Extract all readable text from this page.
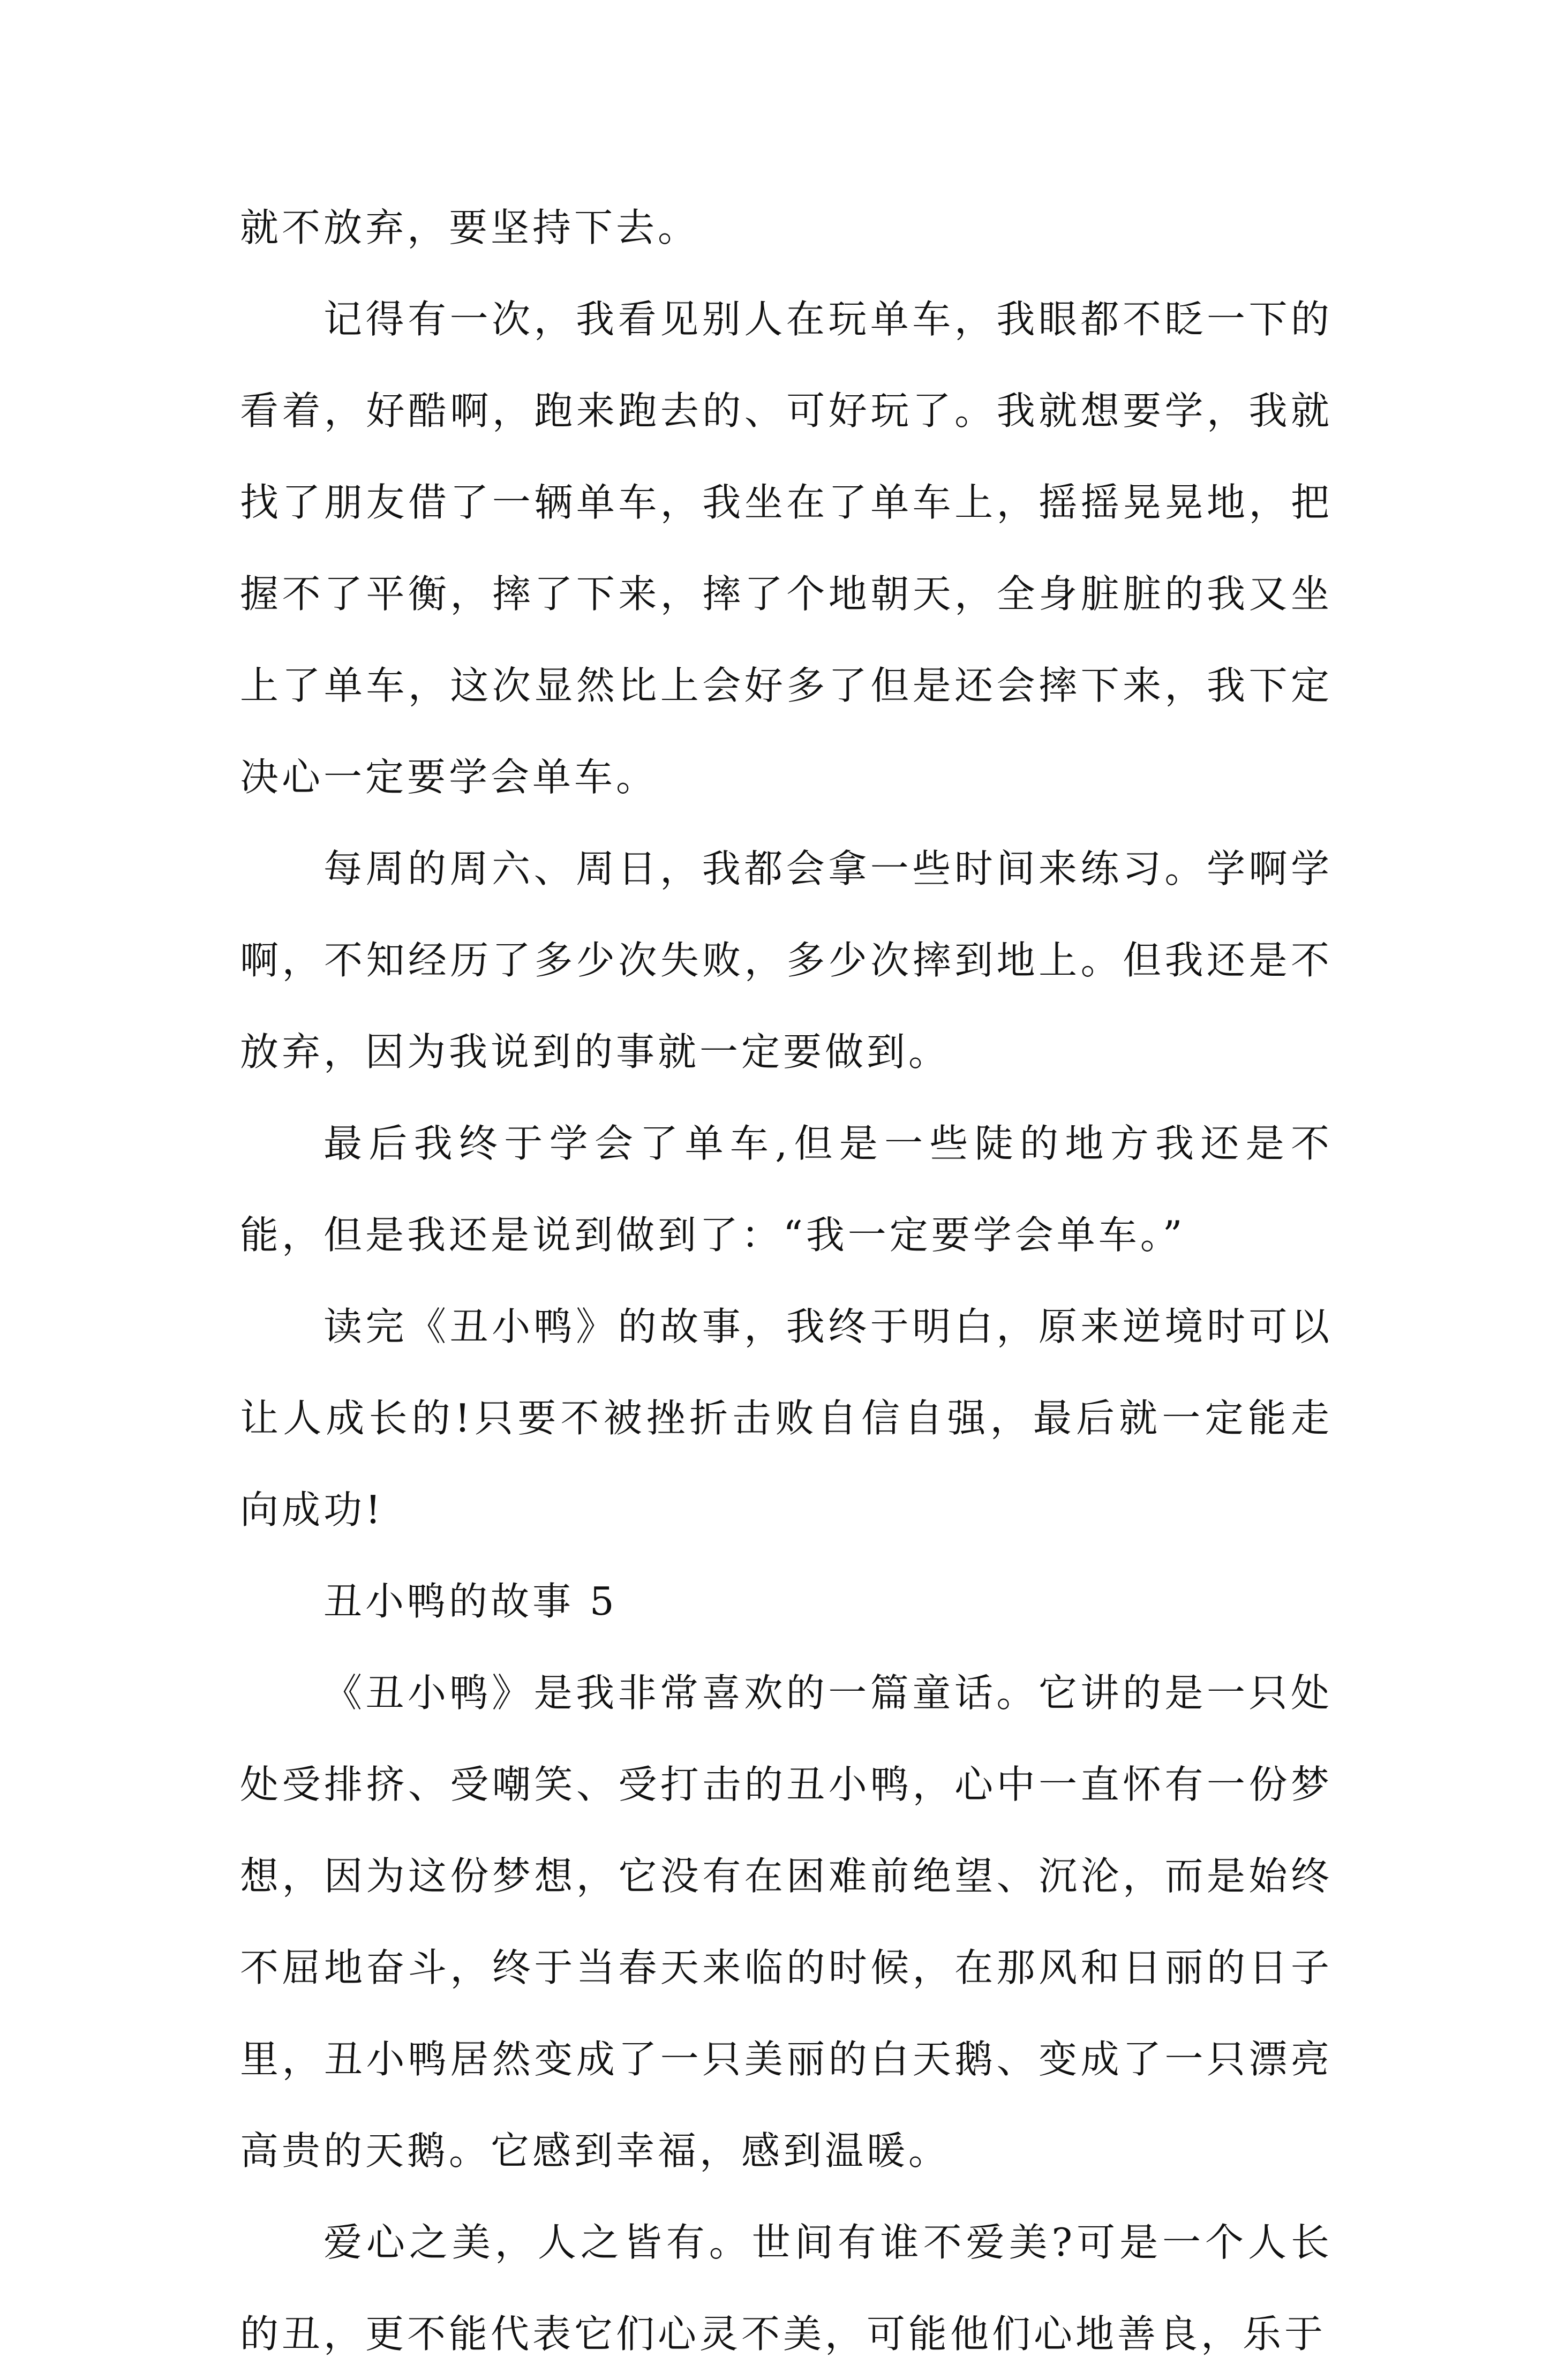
就不放弃，要坚持下去。

记得有一次，我看见别人在玩单车，我眼都不眨一下的看着，好酷啊，跑来跑去的、可好玩了。我就想要学，我就找了朋友借了一辆单车，我坐在了单车上，摇摇晃晃地，把握不了平衡，摔了下来，摔了个地朝天，全身脏脏的我又坐上了单车，这次显然比上会好多了但是还会摔下来，我下定决心一定要学会单车。

每周的周六、周日，我都会拿一些时间来练习。学啊学啊，不知经历了多少次失败，多少次摔到地上。但我还是不放弃，因为我说到的事就一定要做到。

最后我终于学会了单车,但是一些陡的地方我还是不能，但是我还是说到做到了：“我一定要学会单车。”

读完《丑小鸭》的故事，我终于明白，原来逆境时可以让人成长的!只要不被挫折击败自信自强，最后就一定能走向成功!

丑小鸭的故事 5

《丑小鸭》是我非常喜欢的一篇童话。它讲的是一只处处受排挤、受嘲笑、受打击的丑小鸭，心中一直怀有一份梦想，因为这份梦想，它没有在困难前绝望、沉沦，而是始终不屈地奋斗，终于当春天来临的时候，在那风和日丽的日子里，丑小鸭居然变成了一只美丽的白天鹅、变成了一只漂亮高贵的天鹅。它感到幸福，感到温暖。

爱心之美，人之皆有。世间有谁不爱美?可是一个人长的丑，更不能代表它们心灵不美，可能他们心地善良，乐于
